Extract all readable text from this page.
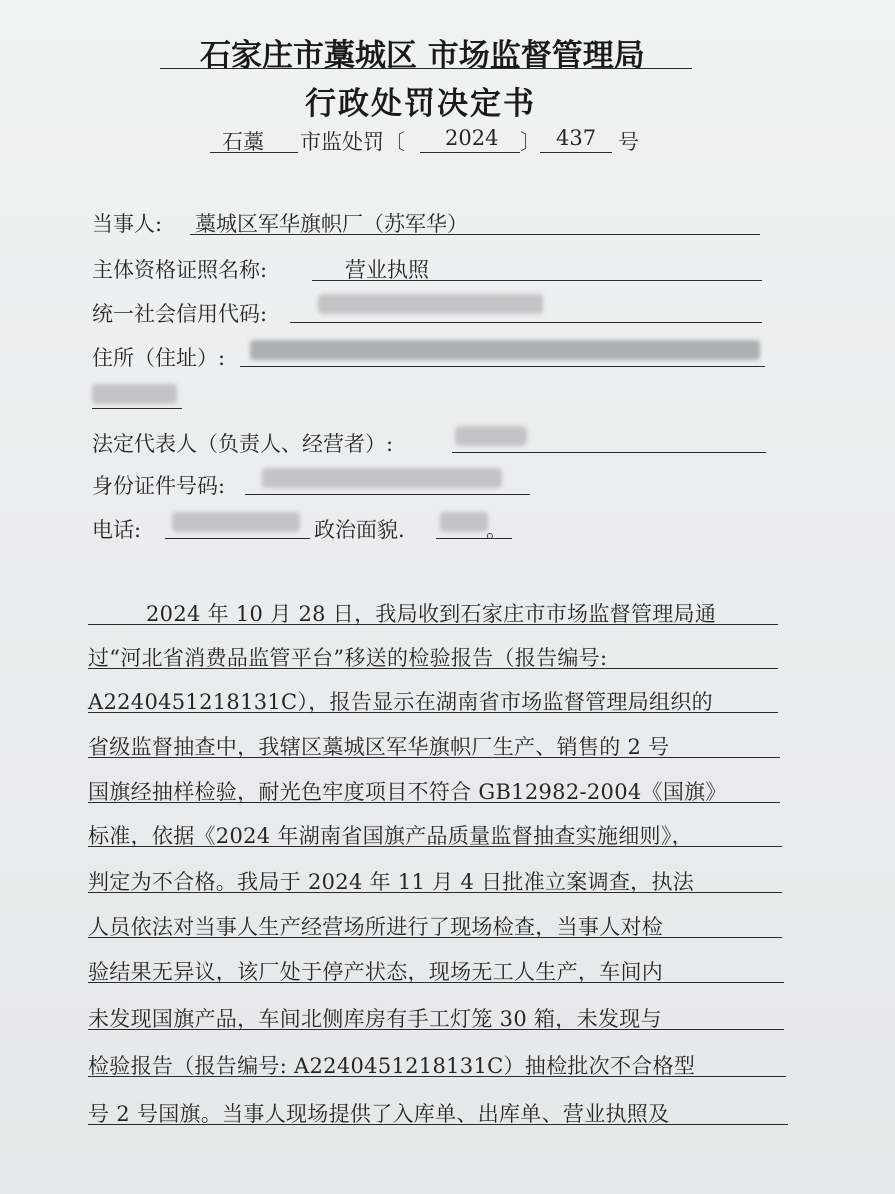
石家庄市藁城区 市场监督管理局
行政处罚决定书
石藁 市监处罚〔 2024 〕 437 号
当事人: 藁城区军华旗帜厂（苏军华）
主体资格证照名称:	营业执照
统一社会信用代码:
住所（住址）:
法定代表人（负责人、经营者）:
身份证件号码:
电话:	政治面貌.	。
2024 年 10 月 28 日，我局收到石家庄市市场监督管理局通
过“河北省消费品监管平台”移送的检验报告（报告编号:
A2240451218131C），报告显示在湖南省市场监督管理局组织的
省级监督抽查中，我辖区藁城区军华旗帜厂生产、销售的 2 号
国旗经抽样检验，耐光色牢度项目不符合 GB12982-2004《国旗》
标准，依据《2024 年湖南省国旗产品质量监督抽查实施细则》，
判定为不合格。我局于 2024 年 11 月 4 日批准立案调查，执法
人员依法对当事人生产经营场所进行了现场检查，当事人对检
验结果无异议，该厂处于停产状态，现场无工人生产，车间内
未发现国旗产品，车间北侧库房有手工灯笼 30 箱，未发现与
检验报告（报告编号: A2240451218131C）抽检批次不合格型
号 2 号国旗。当事人现场提供了入库单、出库单、营业执照及
